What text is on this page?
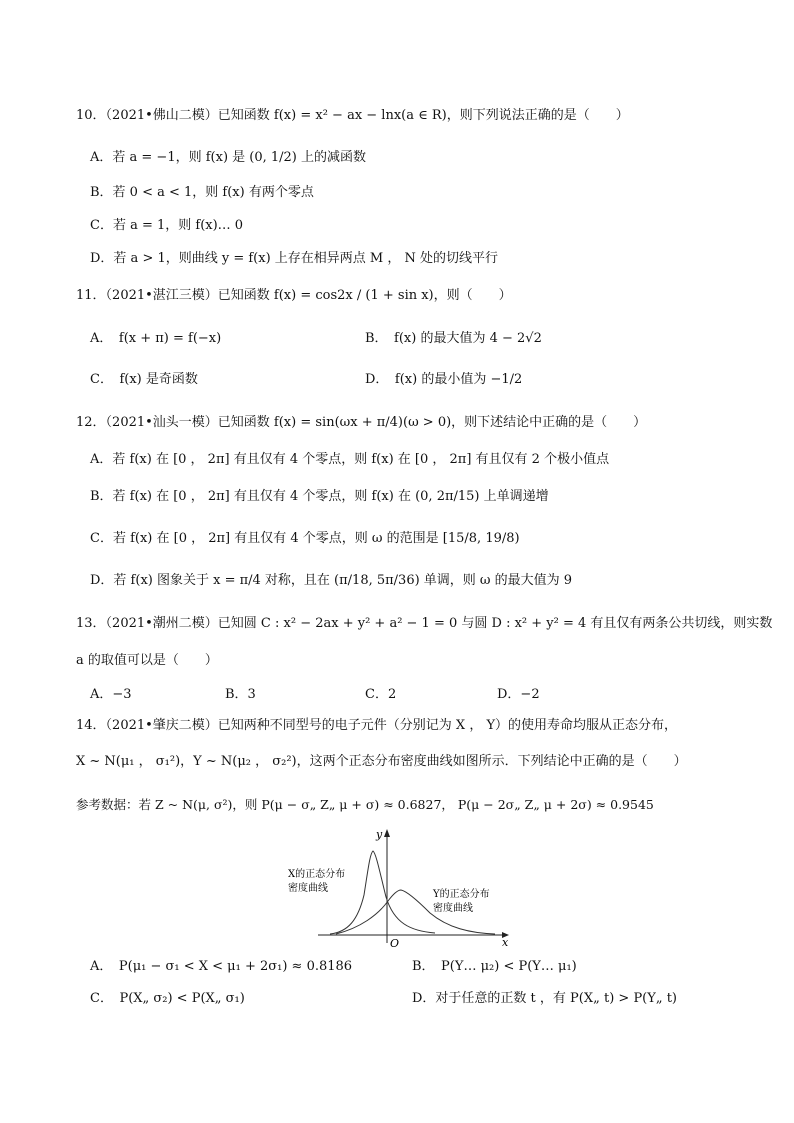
10．（2021•佛山二模）已知函数 f(x) = x² − ax − lnx(a ∈ R)，则下列说法正确的是（　　）
A．若 a = −1，则 f(x) 是 (0, 1/2) 上的减函数
B．若 0 < a < 1，则 f(x) 有两个零点
C．若 a = 1，则 f(x)… 0
D．若 a > 1，则曲线 y = f(x) 上存在相异两点 M ， N 处的切线平行
11．（2021•湛江三模）已知函数 f(x) = cos2x / (1 + sin x)，则（　　）
A．　f(x + π) = f(−x)	B．　f(x) 的最大值为 4 − 2√2
C．　f(x) 是奇函数	D．　f(x) 的最小值为 −1/2
12．（2021•汕头一模）已知函数 f(x) = sin(ωx + π/4)(ω > 0)，则下述结论中正确的是（　　）
A．若 f(x) 在 [0 ， 2π] 有且仅有 4 个零点，则 f(x) 在 [0 ， 2π] 有且仅有 2 个极小值点
B．若 f(x) 在 [0 ， 2π] 有且仅有 4 个零点，则 f(x) 在 (0, 2π/15) 上单调递增
C．若 f(x) 在 [0 ， 2π] 有且仅有 4 个零点，则 ω 的范围是 [15/8, 19/8)
D．若 f(x) 图象关于 x = π/4 对称，且在 (π/18, 5π/36) 单调，则 ω 的最大值为 9
13．（2021•潮州二模）已知圆 C : x² − 2ax + y² + a² − 1 = 0 与圆 D : x² + y² = 4 有且仅有两条公共切线，则实数
a 的取值可以是（　　）
A．−3	B．3	C．2	D．−2
14．（2021•肇庆二模）已知两种不同型号的电子元件（分别记为 X ， Y）的使用寿命均服从正态分布，
X ~ N(μ₁ ， σ₁²)，Y ~ N(μ₂ ， σ₂²)，这两个正态分布密度曲线如图所示．下列结论中正确的是（　　）
参考数据：若 Z ~ N(μ, σ²)，则 P(μ − σ„ Z„ μ + σ) ≈ 0.6827， P(μ − 2σ„ Z„ μ + 2σ) ≈ 0.9545
X的正态分布
密度曲线
Y的正态分布
密度曲线
x
y
O
A．　P(μ₁ − σ₁ < X < μ₁ + 2σ₁) ≈ 0.8186	B．　P(Y… μ₂) < P(Y… μ₁)
C．　P(X„ σ₂) < P(X„ σ₁)	D．对于任意的正数 t ，有 P(X„ t) > P(Y„ t)
